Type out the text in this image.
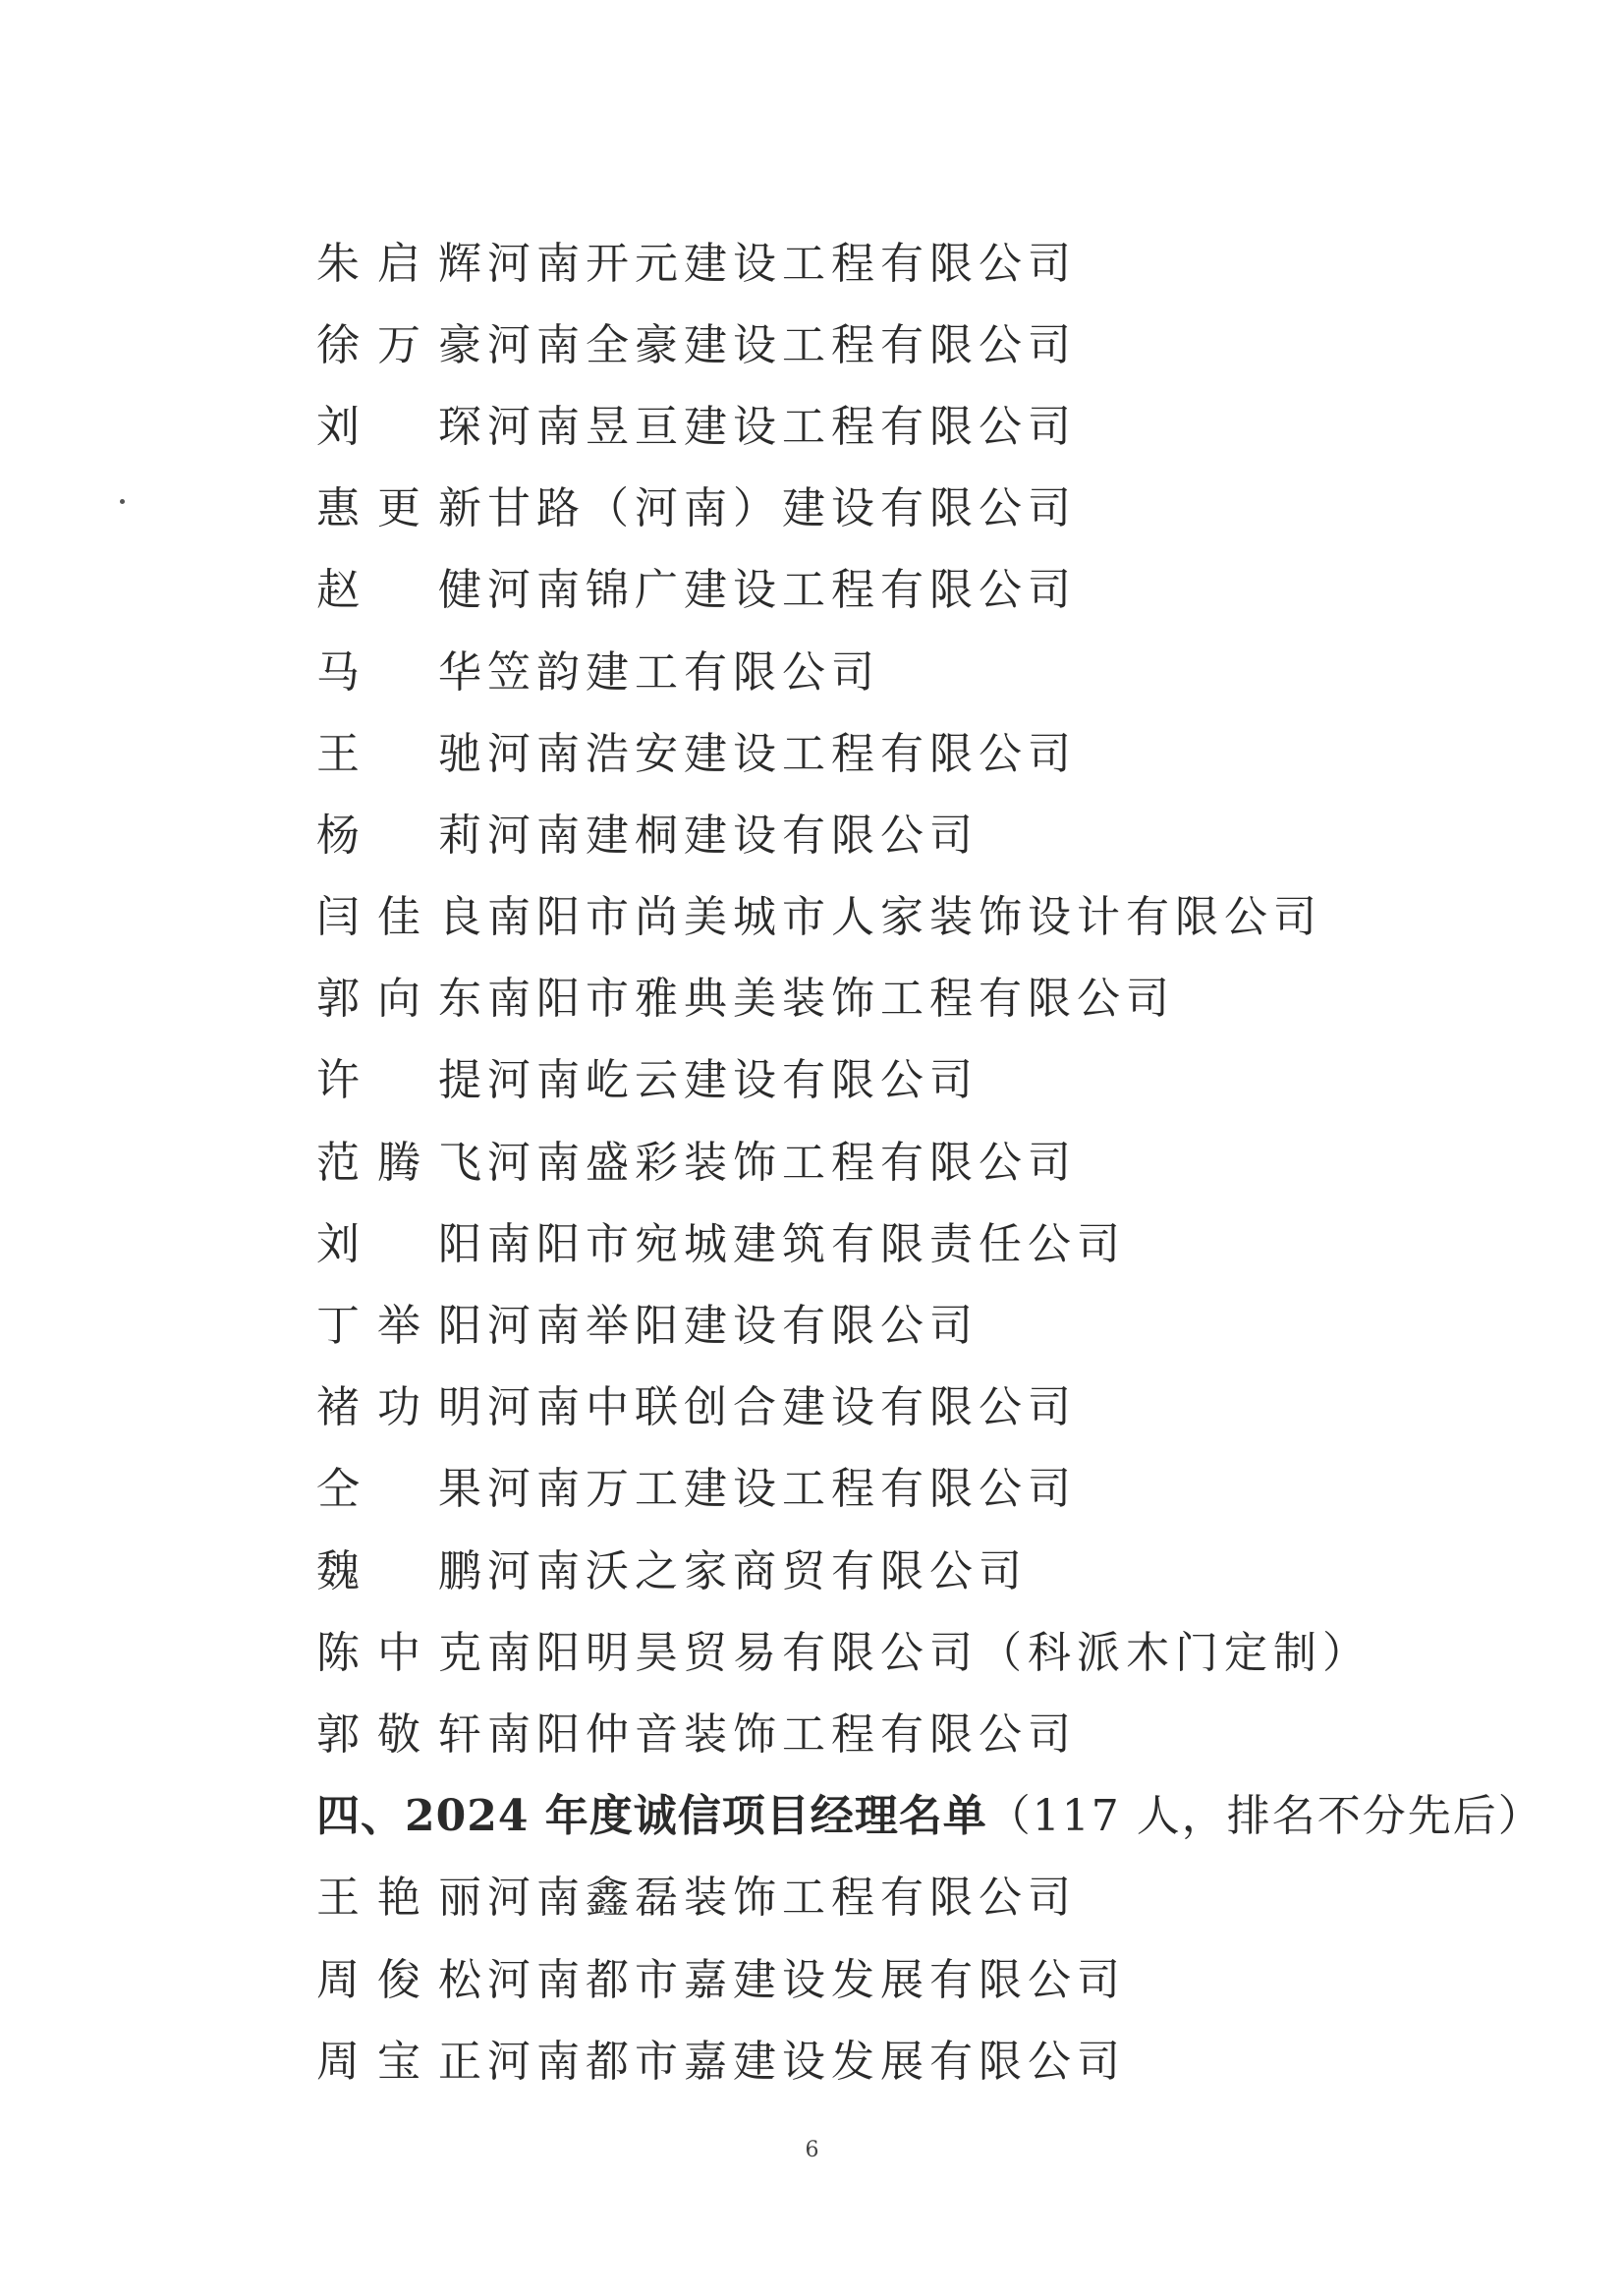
朱启辉 河南开元建设工程有限公司
徐万豪 河南全豪建设工程有限公司
刘琛 河南昱亘建设工程有限公司
惠更新 甘路（河南）建设有限公司
赵健 河南锦广建设工程有限公司
马华 笠韵建工有限公司
王驰 河南浩安建设工程有限公司
杨莉 河南建桐建设有限公司
闫佳良 南阳市尚美城市人家装饰设计有限公司
郭向东 南阳市雅典美装饰工程有限公司
许提 河南屹云建设有限公司
范腾飞 河南盛彩装饰工程有限公司
刘阳 南阳市宛城建筑有限责任公司
丁举阳 河南举阳建设有限公司
褚功明 河南中联创合建设有限公司
仝果 河南万工建设工程有限公司
魏鹏 河南沃之家商贸有限公司
陈中克 南阳明昊贸易有限公司（科派木门定制）
郭敬轩 南阳仲音装饰工程有限公司
四、2024 年度诚信项目经理名单 （117 人，排名不分先后）
王艳丽 河南鑫磊装饰工程有限公司
周俊松 河南都市嘉建设发展有限公司
周宝正 河南都市嘉建设发展有限公司
6
